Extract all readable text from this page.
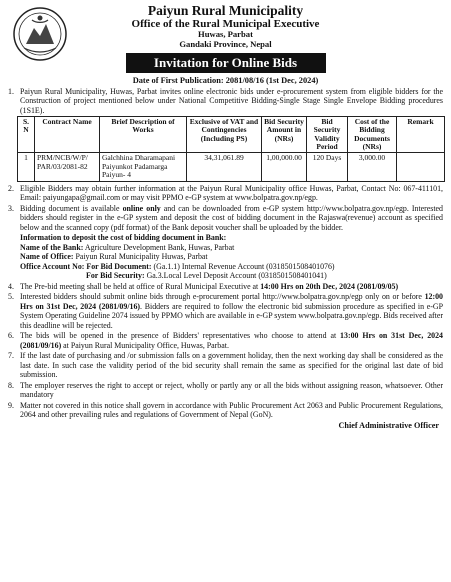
Paiyun Rural Municipality
Office of the Rural Municipal Executive
Huwas, Parbat
Gandaki Province, Nepal
Invitation for Online Bids
Date of First Publication: 2081/08/16 (1st Dec, 2024)
1. Paiyun Rural Municipality, Huwas, Parbat invites online electronic bids under e-procurement system from eligible bidders for the Construction of project mentioned below under National Competitive Bidding-Single Stage Single Envelope Bidding procedures (1S1E).
S. N	Contract Name	Brief Description of Works	Exclusive of VAT and Contingencies (Including PS)	Bid Security Amount in (NRs)	Bid Security Validity Period	Cost of the Bidding Documents (NRs)	Remark
1	PRM/NCB/W/P/ PAR/03/2081-82	Galchhina Dharamapani Paiyunkot Padamarga Paiyun- 4	34,31,061.89	1,00,000.00	120 Days	3,000.00	
2. Eligible Bidders may obtain further information at the Paiyun Rural Municipality office Huwas, Parbat, Contact No: 067-411101, Email: paiyungapa@gmail.com or may visit PPMO e-GP system at www.bolpatra.gov.np/egp.
3. Bidding document is available online only and can be downloaded from e-GP system http://www.bolpatra.gov.np/egp. Interested bidders should register in the e-GP system and deposit the cost of bidding document in the Rajaswa(revenue) account as specified below and the scanned copy (pdf format) of the Bank deposit voucher shall be uploaded by the bidder.
Information to deposit the cost of bidding document in Bank:
Name of the Bank: Agriculture Development Bank, Huwas, Parbat
Name of Office: Paiyun Rural Municipality Huwas, Parbat
Office Account No: For Bid Document: (Ga.1.1) Internal Revenue Account (0318501508401076)
For Bid Security: Ga.3.Local Level Deposit Account (0318501508401041)
4. The Pre-bid meeting shall be held at office of Rural Municipal Executive at 14:00 Hrs on 20th Dec, 2024 (2081/09/05)
5. Interested bidders should submit online bids through e-procurement portal http://www.bolpatra.gov.np/egp only on or before 12:00 Hrs on 31st Dec, 2024 (2081/09/16). Bidders are required to follow the electronic bid submission procedure as specified in e-GP System Operating Guideline 2074 issued by PPMO which are available in e-GP system www.bolpatra.gov.np/egp. Bids received after this deadline will be rejected.
6. The bids will be opened in the presence of Bidders' representatives who choose to attend at 13:00 Hrs on 31st Dec, 2024 (2081/09/16) at Paiyun Rural Municipality Office, Huwas, Parbat.
7. If the last date of purchasing and /or submission falls on a government holiday, then the next working day shall be considered as the last date. In such case the validity period of the bid security shall remain the same as specified for the original last date of bid submission.
8. The employer reserves the right to accept or reject, wholly or partly any or all the bids without assigning reason, whatsoever. Other mandatory
9. Matter not covered in this notice shall govern in accordance with Public Procurement Act 2063 and Public Procurement Regulations, 2064 and other prevailing rules and regulations of Government of Nepal (GoN).
Chief Administrative Officer
